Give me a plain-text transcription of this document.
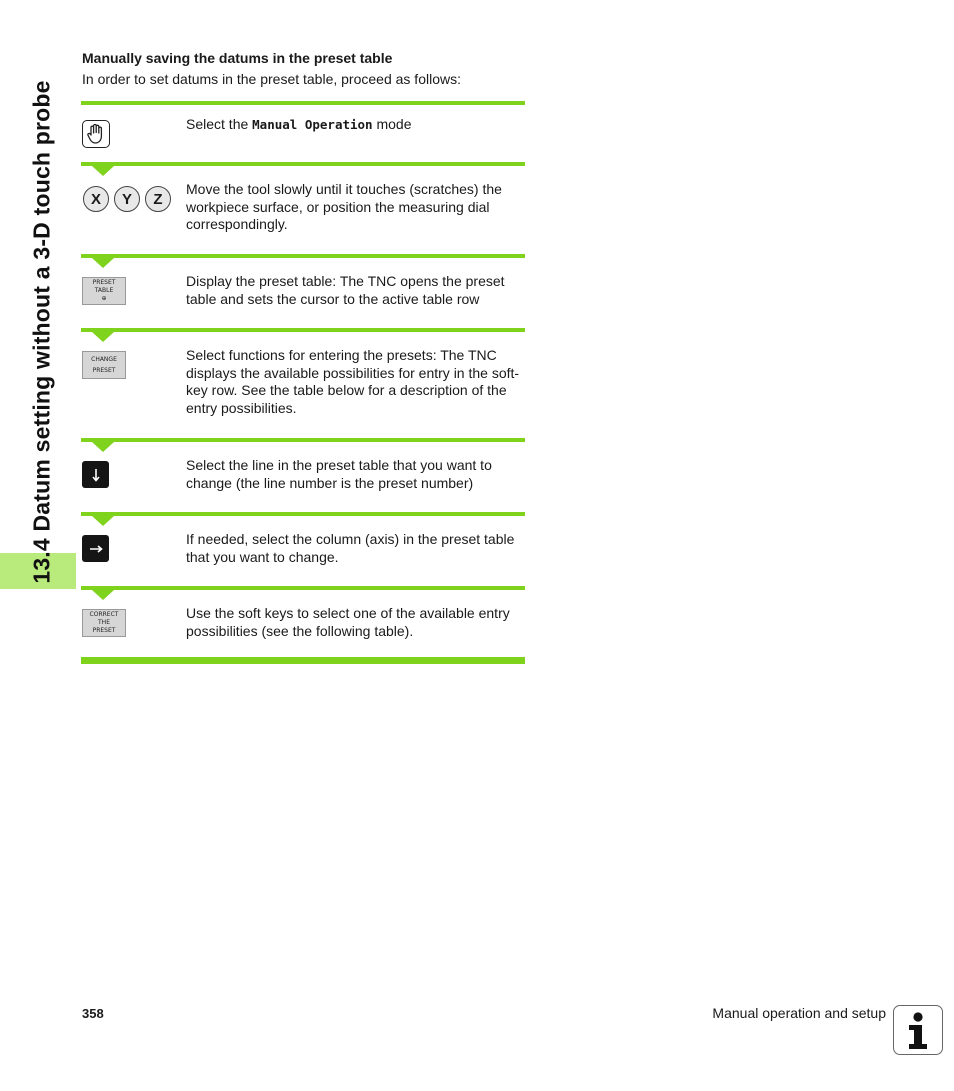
13.4 Datum setting without a 3-D touch probe
Manually saving the datums in the preset table
In order to set datums in the preset table, proceed as follows:
Select the Manual Operation mode
X	Y	Z
Move the tool slowly until it touches (scratches) the workpiece surface, or position the measuring dial correspondingly.
PRESET
TABLE
⊕
Display the preset table: The TNC opens the preset table and sets the cursor to the active table row
CHANGE
PRESET
Select functions for entering the presets: The TNC displays the available possibilities for entry in the soft-key row. See the table below for a description of the entry possibilities.
Select the line in the preset table that you want to change (the line number is the preset number)
If needed, select the column (axis) in the preset table that you want to change.
CORRECT
THE
PRESET
Use the soft keys to select one of the available entry possibilities (see the following table).
358	Manual operation and setup
